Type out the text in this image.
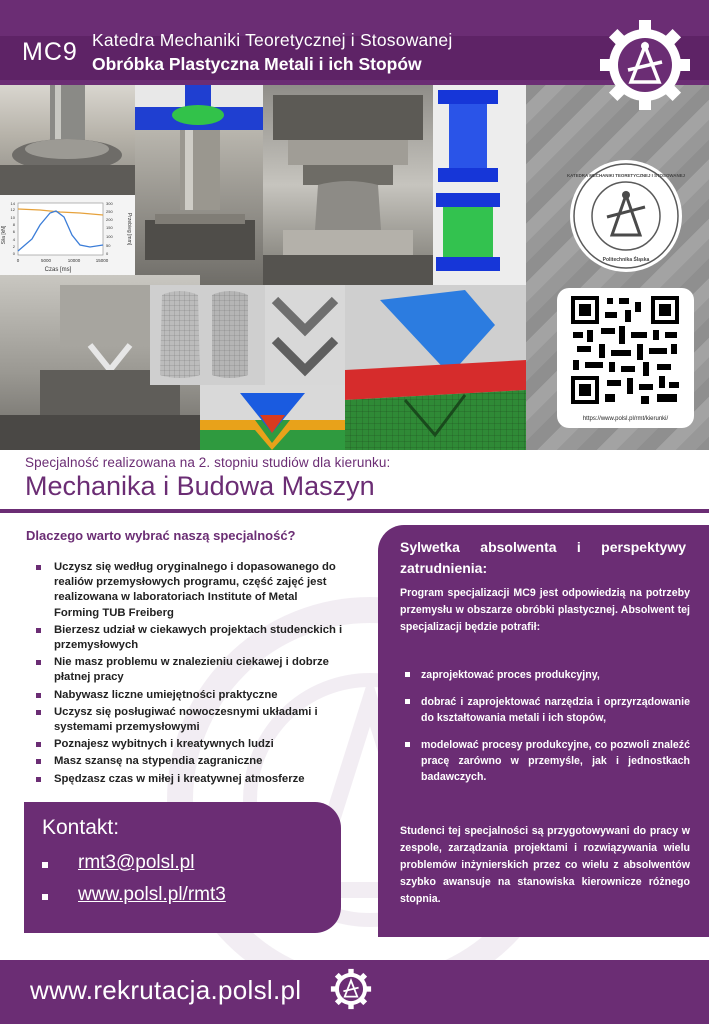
MC9 Katedra Mechaniki Teoretycznej i Stosowanej
Obróbka Plastyczna Metali i ich Stopów
Czas [ms]
Siła [kN]	Przebieg [mm]
0	5000	10000	15000
0
2
4
6
8
10
12
14
0
50
100
150
200
250
300
KATEDRA MECHANIKI TEORETYCZNEJ I STOSOWANEJ
Politechnika Śląska
https://www.polsl.pl/rmt/kierunki/
Specjalność realizowana na 2. stopniu studiów dla kierunku:
Mechanika i Budowa Maszyn
Dlaczego warto wybrać naszą specjalność?
Uczysz się według oryginalnego i dopasowanego do realiów przemysłowych programu, część zajęć jest realizowana w laboratoriach Institute of Metal Forming TUB Freiberg
Bierzesz udział w ciekawych projektach studenckich i przemysłowych
Nie masz problemu w znalezieniu ciekawej i dobrze płatnej pracy
Nabywasz liczne umiejętności praktyczne
Uczysz się posługiwać nowoczesnymi układami i systemami przemysłowymi
Poznajesz wybitnych i kreatywnych ludzi
Masz szansę na stypendia zagraniczne
Spędzasz czas w miłej i kreatywnej atmosferze
Sylwetka absolwenta i perspektywy zatrudnienia:
Program specjalizacji MC9 jest odpowiedzią na potrzeby przemysłu w obszarze obróbki plastycznej. Absolwent tej specjalizacji będzie potrafił:
zaprojektować proces produkcyjny,
dobrać i zaprojektować narzędzia i oprzyrządowanie do kształtowania metali i ich stopów,
modelować procesy produkcyjne, co pozwoli znaleźć pracę zarówno w przemyśle, jak i jednostkach badawczych.
Studenci tej specjalności są przygotowywani do pracy w zespole, zarządzania projektami i rozwiązywania wielu problemów inżynierskich przez co wielu z absolwentów szybko awansuje na stanowiska kierownicze różnego stopnia.
Kontakt:
rmt3@polsl.pl
www.polsl.pl/rmt3
www.rekrutacja.polsl.pl
